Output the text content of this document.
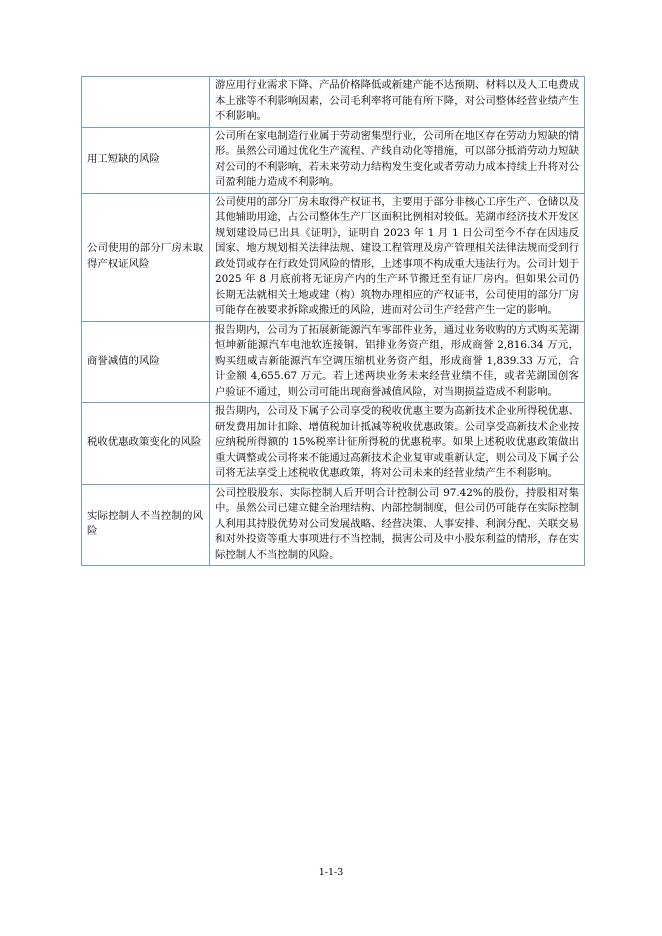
	游应用行业需求下降、产品价格降低或新建产能不达预期、材料以及人工电费成本上涨等不利影响因素，公司毛利率将可能有所下降，对公司整体经营业绩产生不利影响。
用工短缺的风险	公司所在家电制造行业属于劳动密集型行业，公司所在地区存在劳动力短缺的情形。虽然公司通过优化生产流程、产线自动化等措施，可以部分抵消劳动力短缺对公司的不利影响，若未来劳动力结构发生变化或者劳动力成本持续上升将对公司盈利能力造成不利影响。
公司使用的部分厂房未取得产权证风险	公司使用的部分厂房未取得产权证书，主要用于部分非核心工序生产、仓储以及其他辅助用途，占公司整体生产厂区面积比例相对较低。芜湖市经济技术开发区规划建设局已出具《证明》，证明自 2023 年 1 月 1 日公司至今不存在因违反国家、地方规划相关法律法规、建设工程管理及房产管理相关法律法规而受到行政处罚或存在行政处罚风险的情形，上述事项不构成重大违法行为。公司计划于 2025 年 8 月底前将无证房产内的生产环节搬迁至有证厂房内。但如果公司仍长期无法就相关土地或建（构）筑物办理相应的产权证书，公司使用的部分厂房可能存在被要求拆除或搬迁的风险，进而对公司生产经营产生一定的影响。
商誉减值的风险	报告期内，公司为了拓展新能源汽车零部件业务，通过业务收购的方式购买芜湖恒坤新能源汽车电池软连接铜、铝排业务资产组，形成商誉 2,816.34 万元，购买纽威吉新能源汽车空调压缩机业务资产组，形成商誉 1,839.33 万元，合计金额 4,655.67 万元。若上述两块业务未来经营业绩不佳，或者芜湖国创客户验证不通过，则公司可能出现商誉减值风险，对当期损益造成不利影响。
税收优惠政策变化的风险	报告期内，公司及下属子公司享受的税收优惠主要为高新技术企业所得税优惠、研发费用加计扣除、增值税加计抵减等税收优惠政策。公司享受高新技术企业按应纳税所得额的 15%税率计征所得税的优惠税率。如果上述税收优惠政策做出重大调整或公司将来不能通过高新技术企业复审或重新认定，则公司及下属子公司将无法享受上述税收优惠政策，将对公司未来的经营业绩产生不利影响。
实际控制人不当控制的风险	公司控股股东、实际控制人后开明合计控制公司 97.42%的股份，持股相对集中。虽然公司已建立健全治理结构、内部控制制度，但公司仍可能存在实际控制人利用其持股优势对公司发展战略、经营决策、人事安排、利润分配、关联交易和对外投资等重大事项进行不当控制，损害公司及中小股东利益的情形，存在实际控制人不当控制的风险。
1-1-3
